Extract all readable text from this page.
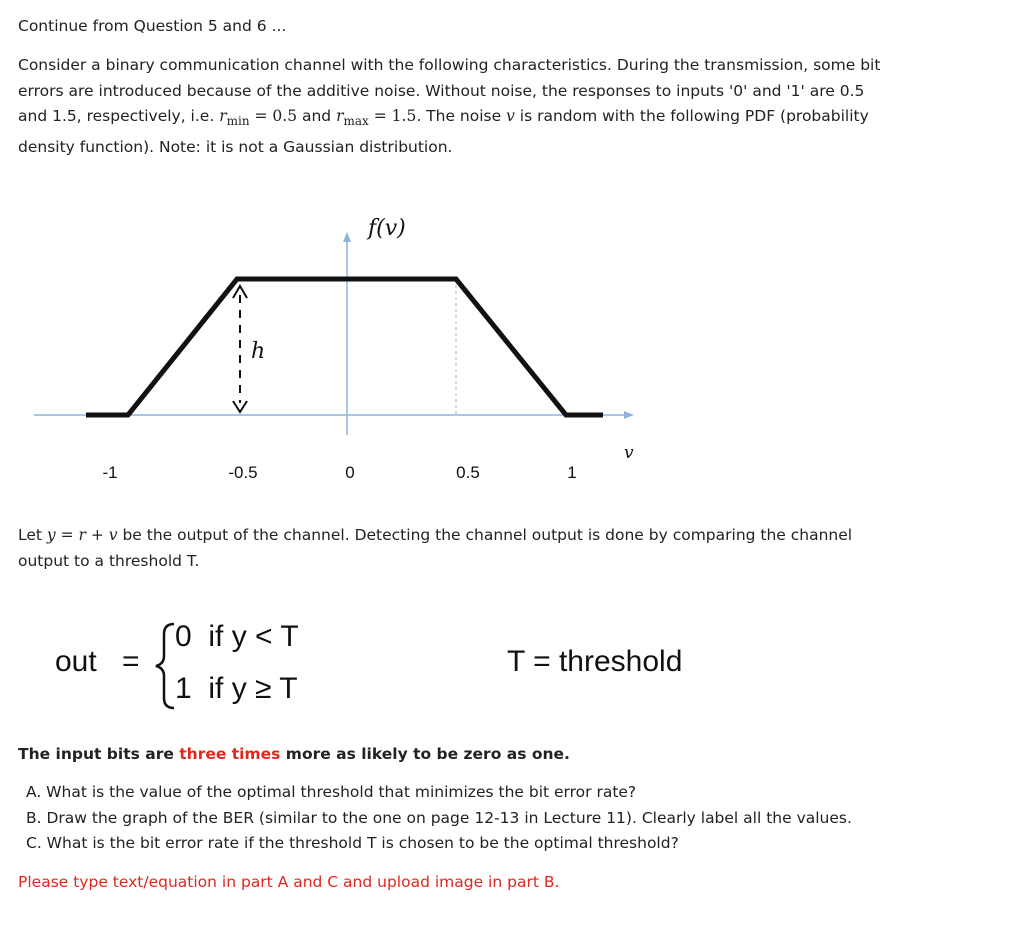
Continue from Question 5 and 6 ...
Consider a binary communication channel with the following characteristics. During the transmission, some bit errors are introduced because of the additive noise. Without noise, the responses to inputs '0' and '1' are 0.5 and 1.5, respectively, i.e. $r_{min} = 0.5$ and $r_{max} = 1.5$. The noise v is random with the following PDF (probability density function). Note: it is not a Gaussian distribution.
h
f(v)
v
-1	-0.5	0	0.5	1
Let y = r + v be the output of the channel. Detecting the channel output is done by comparing the channel output to a threshold T.
out =
0  if y < T
1  if y ≥ T
T = threshold
The input bits are three times more as likely to be zero as one.
A. What is the value of the optimal threshold that minimizes the bit error rate?
B. Draw the graph of the BER (similar to the one on page 12-13 in Lecture 11). Clearly label all the values.
C. What is the bit error rate if the threshold T is chosen to be the optimal threshold?
Please type text/equation in part A and C and upload image in part B.
